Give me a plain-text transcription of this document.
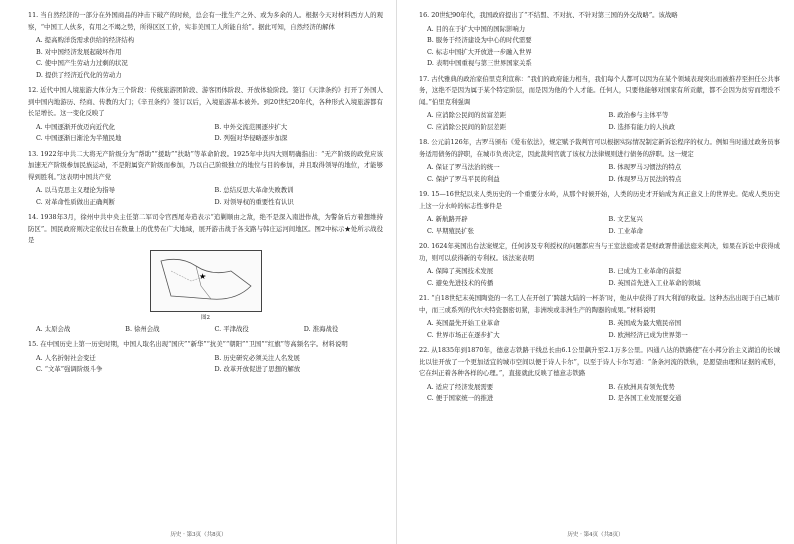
11. 当自然经济的一部分在外国商品的冲击下破产的时候，总会有一批生产之外、或为多余的人。根据今天对材料西方人的观察，“中国工人伙多，有用之不竭之势，所得区区工价，实非美国工人所能自给”。据此可知，自然经济的解体

A. 提高购洋货需求供给的经济结构
B. 对中国经济发展起破坏作用
C. 使中国产生劳动力过剩的状况
D. 提供了经济近代化的劳动力

12. 近代中国人境旅游大体分为三个阶段：传统旅游团阶段、游客团体阶段、开放体验阶段。签订《天津条约》打开了外国人到中国内地游历、经商、传教的大门；《辛丑条约》签订以后，入境旅游基本被外。到20世纪20年代，各种形式入境旅游都有长足增长。这一变化反映了

A. 中国逐渐开放迈向近代化	B. 中外交流范围逐步扩大
C. 中国逐渐日渐沦为半殖民地	D. 列强对华侵略逐步加深

13. 1922年中共二大将无产阶级分为“帮助”“援助”“扶助”等革命阶段。1925年中共四大则明确指出：“无产阶级的政党应该加速无产阶级参加民族运动，不是附属资产阶级而参加，乃以自己阶级独立的地位与目的参加，并且取得领导的地位，才能够得到胜利。”这表明中国共产党

A. 以马克思主义理论为指导	B. 总结反思大革命失败教训
C. 对革命性质做出正确判断	D. 对领导权的重要性有认识

14. 1938年3月，徐州中共中央主任第二军司令官西尾寿造表示“追剿顺由之敌，绝不是深入南进作战，为警备后方着想维持防区”。国民政府则决定依仗日在数量上的优势在广大地域，展开游击战于各支路与韩庄运河间地区。图2中标示★处所示战役是

★
图2
A. 太原会战	B. 徐州会战	C. 平津战役	D. 淮海战役

15. 在中国历史上第一历史时期，中国人取名出现“国庆”“新华”“抗美”“朝阳”“卫国”“红旗”等高频名字。材料说明

A. 人名折射社会变迁	B. 历史研究必须关注人名发展
C. “文革”强调阶级斗争	D. 改革开放促进了思想的解放
历史 · 第3页（共8页）

16. 20世纪90年代，我国政府提出了“不结盟、不对抗、不针对第三国的外交战略”。该战略

A. 目的在于扩大中国的国际影响力
B. 服务于经济建设为中心的时代需要
C. 标志中国扩大开放进一步融入世界
D. 表明中国重视与第三世界国家关系

17. 古代雅典的政治家伯里克利宣称：“我们的政府能力相当，我们每个人都可以因为在某个领域表现突出而被推荐至担任公共事务，这绝不是因为属于某个特定阶层，而是因为他的个人才能。任何人，只要他能够对国家有所贡献，都不会因为贫穷而埋没不闻。”伯里克利强调

A. 应消除公民间的贫富差距	B. 政治参与主体平等
C. 应消除公民间的阶层差距	D. 选择有能力的人执政

18. 公元前126年，古罗马颁布《爱布依法》，规定赋予裁判官可以根据实际情况制定新诉讼程序的权力。例如当时通过政务员事务适用债务的辞职，在城市负责决定，因此裁判官就了该权力法律规则进行债务的辞职。这一规定

A. 保证了罗马法治的统一	B. 体现罗马习惯法的特点
C. 保护了罗马平民的利益	D. 体现罗马万民法的特点

19. 15—16世纪以来人类历史的一个重要分水岭，从那个时候开始，人类的历史才开始成为真正意义上的世界史。促成人类历史上这一分水岭的标志性事件是

A. 新航路开辟	B. 文艺复兴
C. 早期殖民扩张	D. 工业革命

20. 1624年英国出台法案规定，任何涉及专利授权的问题都应当与王室法庭或者是财政署普通法庭来判决，如果在诉讼中获得成功，则可以获得新的专利权。该法案表明

A. 保障了英国技术发展	B. 已成为工业革命的前提
C. 避免先进技术的传播	D. 英国首先进入工业革命的领域

21. “自18世纪末英国陶瓷的一名工人在开创了‘跨越大陆的一杯茶’时，他从中获得了四大利润的收益。这种杰出出现于自己城市中，而三或系列的代尔夫特瓷器密切紧，非洲埃或非洲生产的陶器的成果。”材料说明

A. 英国最先开始工业革命	B. 英国成为最大殖民帝国
C. 世界市场正在逐步扩大	D. 欧洲经济已成为世界第一

22. 从1835年到1870年，德意志铁路干线总长由6.1公里飙升至2.1万多公里。四通八达的铁路使“在小邦分治主义湖泊的长城比以往开放了一个更加适宜的城市空间以便于诗人卡尔”，以至于诗人卡尔写道：“条条河流的铁轨，是愿望由理和证据的戒形，它在纠正着各种各样的心理。”，直接就此反映了德意志铁路

A. 适应了经济发展需要	B. 在欧洲具有领先优势
C. 便于国家统一的推进	D. 是各国工业发展要交通
历史 · 第4页（共8页）
